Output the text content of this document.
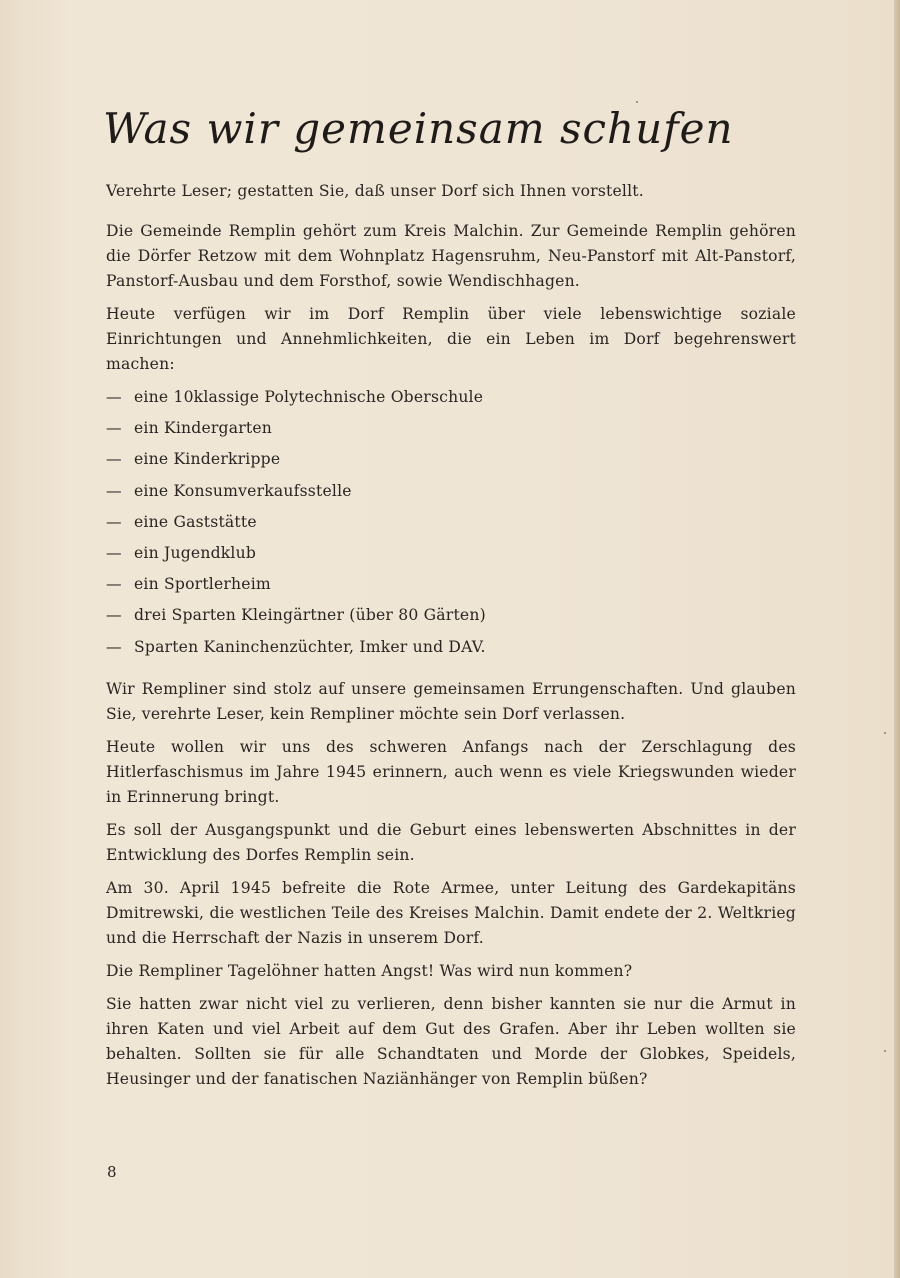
Was wir gemeinsam schufen

Verehrte Leser; gestatten Sie, daß unser Dorf sich Ihnen vorstellt.

Die Gemeinde Remplin gehört zum Kreis Malchin. Zur Gemeinde Remplin gehören die Dörfer Retzow mit dem Wohnplatz Hagensruhm, Neu-Panstorf mit Alt-Panstorf, Panstorf-Ausbau und dem Forsthof, sowie Wendischhagen.

Heute verfügen wir im Dorf Remplin über viele lebenswichtige soziale Einrichtungen und Annehmlichkeiten, die ein Leben im Dorf begehrenswert machen:

— eine 10klassige Polytechnische Oberschule
— ein Kindergarten
— eine Kinderkrippe
— eine Konsumverkaufsstelle
— eine Gaststätte
— ein Jugendklub
— ein Sportlerheim
— drei Sparten Kleingärtner (über 80 Gärten)
— Sparten Kaninchenzüchter, Imker und DAV.

Wir Rempliner sind stolz auf unsere gemeinsamen Errungenschaften. Und glauben Sie, verehrte Leser, kein Rempliner möchte sein Dorf verlassen.

Heute wollen wir uns des schweren Anfangs nach der Zerschlagung des Hitlerfaschismus im Jahre 1945 erinnern, auch wenn es viele Kriegswunden wieder in Erinnerung bringt.

Es soll der Ausgangspunkt und die Geburt eines lebenswerten Abschnittes in der Entwicklung des Dorfes Remplin sein.

Am 30. April 1945 befreite die Rote Armee, unter Leitung des Gardekapitäns Dmitrewski, die westlichen Teile des Kreises Malchin. Damit endete der 2. Weltkrieg und die Herrschaft der Nazis in unserem Dorf.

Die Rempliner Tagelöhner hatten Angst! Was wird nun kommen?

Sie hatten zwar nicht viel zu verlieren, denn bisher kannten sie nur die Armut in ihren Katen und viel Arbeit auf dem Gut des Grafen. Aber ihr Leben wollten sie behalten. Sollten sie für alle Schandtaten und Morde der Globkes, Speidels, Heusinger und der fanatischen Naziänhänger von Remplin büßen?

8
